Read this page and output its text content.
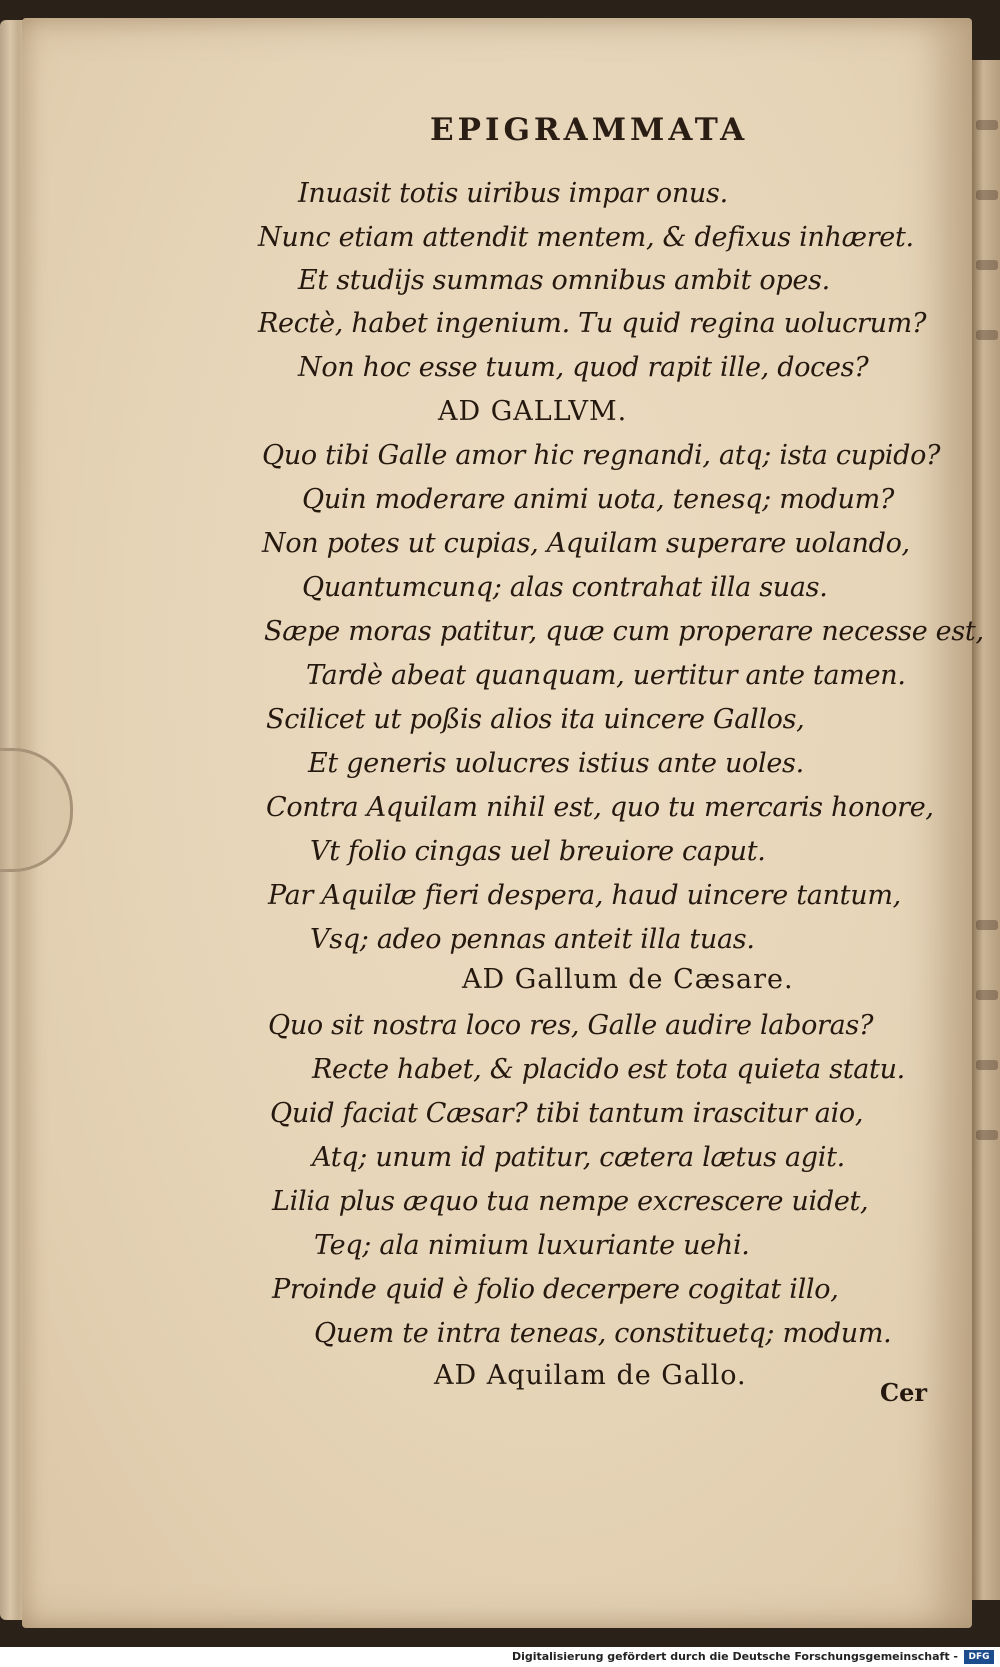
EPIGRAMMATA
Inuasit totis uiribus impar onus.
Nunc etiam attendit mentem, & defixus inhæret.
Et studijs summas omnibus ambit opes.
Rectè, habet ingenium. Tu quid regina uolucrum?
Non hoc esse tuum, quod rapit ille, doces?
AD GALLVM.
Quo tibi Galle amor hic regnandi, atq; ista cupido?
Quin moderare animi uota, tenesq; modum?
Non potes ut cupias, Aquilam superare uolando,
Quantumcunq; alas contrahat illa suas.
Sæpe moras patitur, quæ cum properare necesse est,
Tardè abeat quanquam, uertitur ante tamen.
Scilicet ut poßis alios ita uincere Gallos,
Et generis uolucres istius ante uoles.
Contra Aquilam nihil est, quo tu mercaris honore,
Vt folio cingas uel breuiore caput.
Par Aquilæ fieri despera, haud uincere tantum,
Vsq; adeo pennas anteit illa tuas.
AD Gallum de Cæsare.
Quo sit nostra loco res, Galle audire laboras?
Recte habet, & placido est tota quieta statu.
Quid faciat Cæsar? tibi tantum irascitur aio,
Atq; unum id patitur, cætera lætus agit.
Lilia plus æquo tua nempe excrescere uidet,
Teq; ala nimium luxuriante uehi.
Proinde quid è folio decerpere cogitat illo,
Quem te intra teneas, constituetq; modum.
AD Aquilam de Gallo.
Cer
Digitalisierung gefördert durch die Deutsche Forschungsgemeinschaft -	DFG
